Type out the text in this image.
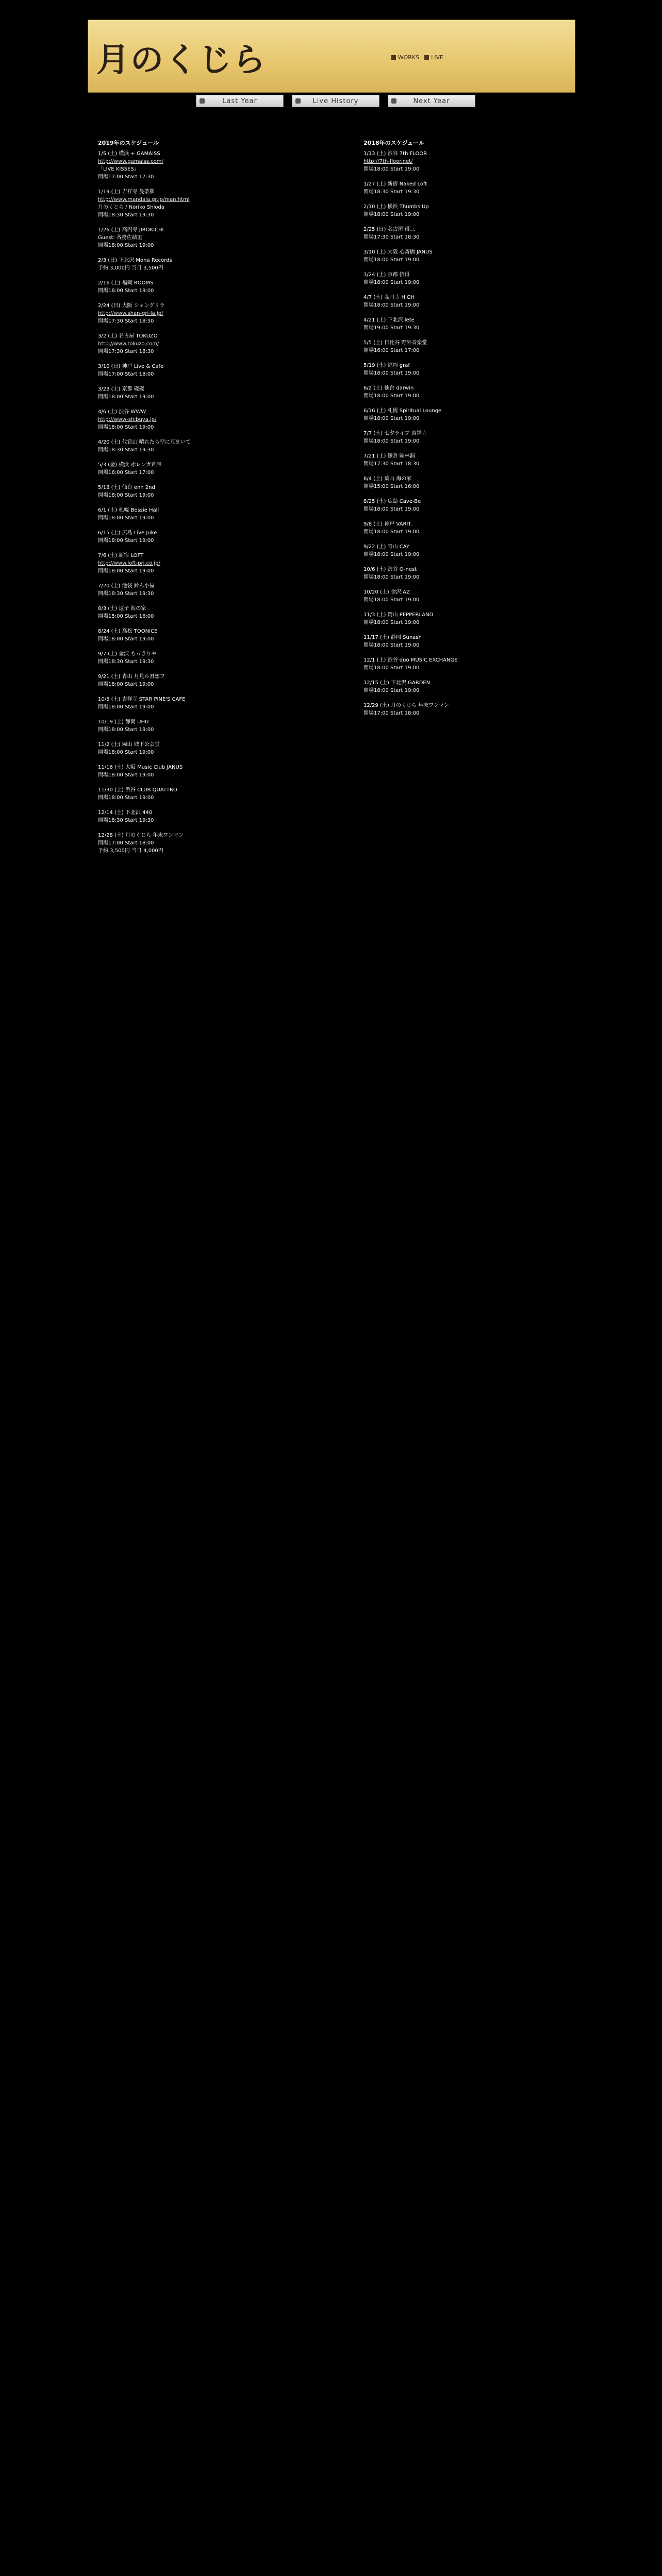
月のくじら	WORKS LIVE
Last Year	Live History	Next Year
2019年のスケジュール
1/5 (土) 横浜 + GAMAISS
http://www.gamaiss.com/
「LIVE KISSES」
開場17:00 Start 17:30
1/19 (土) 吉祥寺 曼荼羅
http://www.mandala.gr.jp/man.html
月のくじら / Noriko Shioda
開場18:30 Start 19:30
1/26 (土) 高円寺 JIROKICHI
Guest: 各務佐緒里
開場18:00 Start 19:00
2/3 (日) 下北沢 Mona Records
予約 3,000円 当日 3,500円
2/16 (土) 福岡 ROOMS
開場18:00 Start 19:00
2/24 (日) 大阪 シャングリラ
http://www.shan-gri-la.jp/
開場17:30 Start 18:30
3/2 (土) 名古屋 TOKUZO
http://www.tokuzo.com/
開場17:30 Start 18:30
3/10 (日) 神戸 Live & Cafe
開場17:00 Start 18:00
3/23 (土) 京都 磔磔
開場18:00 Start 19:00
4/6 (土) 渋谷 WWW
http://www-shibuya.jp/
開場18:00 Start 19:00
4/20 (土) 代官山 晴れたら空に豆まいて
開場18:30 Start 19:30
5/3 (金) 横浜 赤レンガ倉庫
開場16:00 Start 17:00
5/18 (土) 仙台 enn 2nd
開場18:00 Start 19:00
6/1 (土) 札幌 Bessie Hall
開場18:00 Start 19:00
6/15 (土) 広島 Live Juke
開場18:00 Start 19:00
7/6 (土) 新宿 LOFT
http://www.loft-prj.co.jp/
開場18:00 Start 19:00
7/20 (土) 池袋 鈴ん小屋
開場18:30 Start 19:30
8/3 (土) 逗子 海の家
開場15:00 Start 16:00
8/24 (土) 高松 TOONICE
開場18:00 Start 19:00
9/7 (土) 金沢 もっきりや
開場18:30 Start 19:30
9/21 (土) 青山 月見ル君想フ
開場18:00 Start 19:00
10/5 (土) 吉祥寺 STAR PINE'S CAFE
開場18:00 Start 19:00
10/19 (土) 静岡 UHU
開場18:00 Start 19:00
11/2 (土) 岡山 城下公会堂
開場18:00 Start 19:00
11/16 (土) 大阪 Music Club JANUS
開場18:00 Start 19:00
11/30 (土) 渋谷 CLUB QUATTRO
開場18:00 Start 19:00
12/14 (土) 下北沢 440
開場18:30 Start 19:30
12/28 (土) 月のくじら 年末ワンマン
開場17:00 Start 18:00
予約 3,500円 当日 4,000円
2018年のスケジュール
1/13 (土) 渋谷 7th FLOOR
http://7th-floor.net/
開場18:00 Start 19:00
1/27 (土) 新宿 Naked Loft
開場18:30 Start 19:30
2/10 (土) 横浜 Thumbs Up
開場18:00 Start 19:00
2/25 (日) 名古屋 得三
開場17:30 Start 18:30
3/10 (土) 大阪 心斎橋 JANUS
開場18:00 Start 19:00
3/24 (土) 京都 拾得
開場18:00 Start 19:00
4/7 (土) 高円寺 HIGH
開場18:00 Start 19:00
4/21 (土) 下北沢 lete
開場19:00 Start 19:30
5/5 (土) 日比谷 野外音楽堂
開場16:00 Start 17:00
5/19 (土) 福岡 graf
開場18:00 Start 19:00
6/2 (土) 仙台 darwin
開場18:00 Start 19:00
6/16 (土) 札幌 Spiritual Lounge
開場18:00 Start 19:00
7/7 (土) 七夕ライブ 吉祥寺
開場18:00 Start 19:00
7/21 (土) 鎌倉 歐林洞
開場17:30 Start 18:30
8/4 (土) 葉山 海の家
開場15:00 Start 16:00
8/25 (土) 広島 Cave-Be
開場18:00 Start 19:00
9/8 (土) 神戸 VARIT.
開場18:00 Start 19:00
9/22 (土) 青山 CAY
開場18:00 Start 19:00
10/6 (土) 渋谷 O-nest
開場18:00 Start 19:00
10/20 (土) 金沢 AZ
開場18:00 Start 19:00
11/3 (土) 岡山 PEPPERLAND
開場18:00 Start 19:00
11/17 (土) 静岡 Sunash
開場18:00 Start 19:00
12/1 (土) 渋谷 duo MUSIC EXCHANGE
開場18:00 Start 19:00
12/15 (土) 下北沢 GARDEN
開場18:00 Start 19:00
12/29 (土) 月のくじら 年末ワンマン
開場17:00 Start 18:00
